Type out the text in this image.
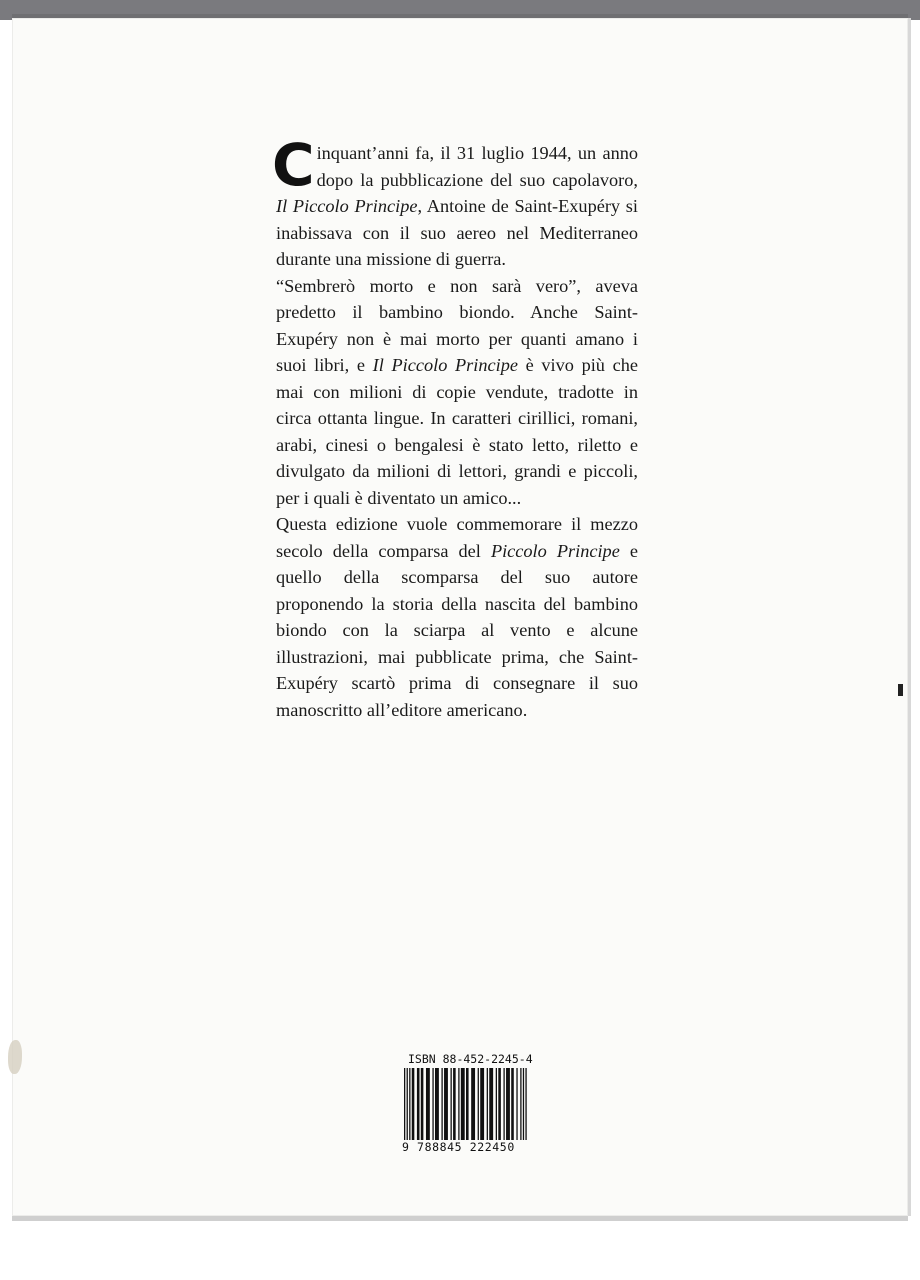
Cinquant’anni fa, il 31 luglio 1944, un anno dopo la pubblicazione del suo capolavoro, Il Piccolo Principe, Antoine de Saint-Exupéry si inabissava con il suo aereo nel Mediterraneo durante una missione di guerra.

“Sembrerò morto e non sarà vero”, aveva predetto il bambino biondo. Anche Saint-Exupéry non è mai morto per quanti amano i suoi libri, e Il Piccolo Principe è vivo più che mai con milioni di copie vendute, tradotte in circa ottanta lingue. In caratteri cirillici, romani, arabi, cinesi o bengalesi è stato letto, riletto e divulgato da milioni di lettori, grandi e piccoli, per i quali è diventato un amico...

Questa edizione vuole commemorare il mezzo secolo della comparsa del Piccolo Principe e quello della scomparsa del suo autore proponendo la storia della nascita del bambino biondo con la sciarpa al vento e alcune illustrazioni, mai pubblicate prima, che Saint-Exupéry scartò prima di consegnare il suo manoscritto all’editore americano.

ISBN 88-452-2245-4
9 788845 222450
